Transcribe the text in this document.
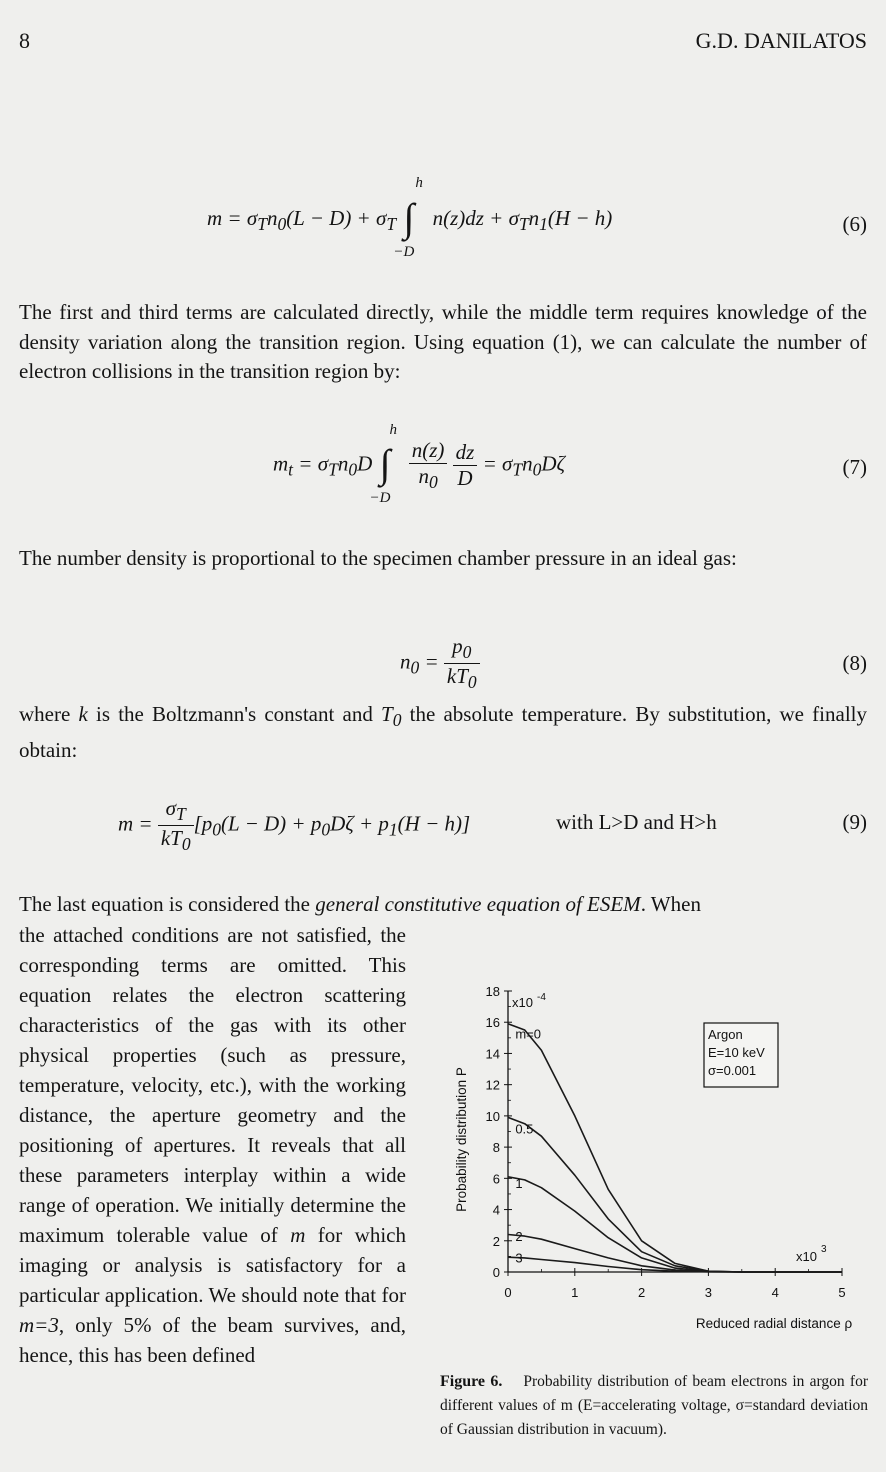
8	G.D. DANILATOS
$m = \sigma_Tn_0(L - D) + \sigma_T$ ∫
h
−D
$n(z)dz + \sigma_Tn_1(H - h)$	(6)
The first and third terms are calculated directly, while the middle term requires knowledge of the density variation along the transition region. Using equation (1), we can calculate the number of electron collisions in the transition region by:
$m_t = \sigma_Tn_0D$ ∫
h
−D

$\frac{n(z)}{n_0}$
$\frac{dz}{D} = \sigma_Tn_0D\zeta$	(7)
The number density is proportional to the specimen chamber pressure in an ideal gas:
$n_0 = \frac{p_0}{kT_0}$	(8)
where k is the Boltzmann's constant and $T_0$ the absolute temperature. By substitution, we finally obtain:
$m = \frac{\sigma_T}{kT_0} [p_0(L - D) + p_0D\zeta + p_1(H - h)]$	with L>D and H>h	(9)
The last equation is considered the general constitutive equation of ESEM. When
the attached conditions are not satisfied, the corresponding terms are omitted. This equation relates the electron scattering characteristics of the gas with its other physical properties (such as pressure, temperature, velocity, etc.), with the working distance, the aperture geometry and the positioning of apertures. It reveals that all these parameters interplay within a wide range of operation. We initially determine the maximum tolerable value of m for which imaging or analysis is satisfactory for a particular application. We should note that for m=3, only 5% of the beam survives, and, hence, this has been defined
0
2
4
6
8
10
12
14
16
18
0	1	2	3	4	5
x10 -4
x10 3
Reduced radial distance ρ
Probability distribution P
m=0
0.5
1
2
3
Argon
E=10 keV
σ=0.001
Figure 6. Probability distribution of beam electrons in argon for different values of m (E=accelerating voltage, σ=standard deviation of Gaussian distribution in vacuum).
